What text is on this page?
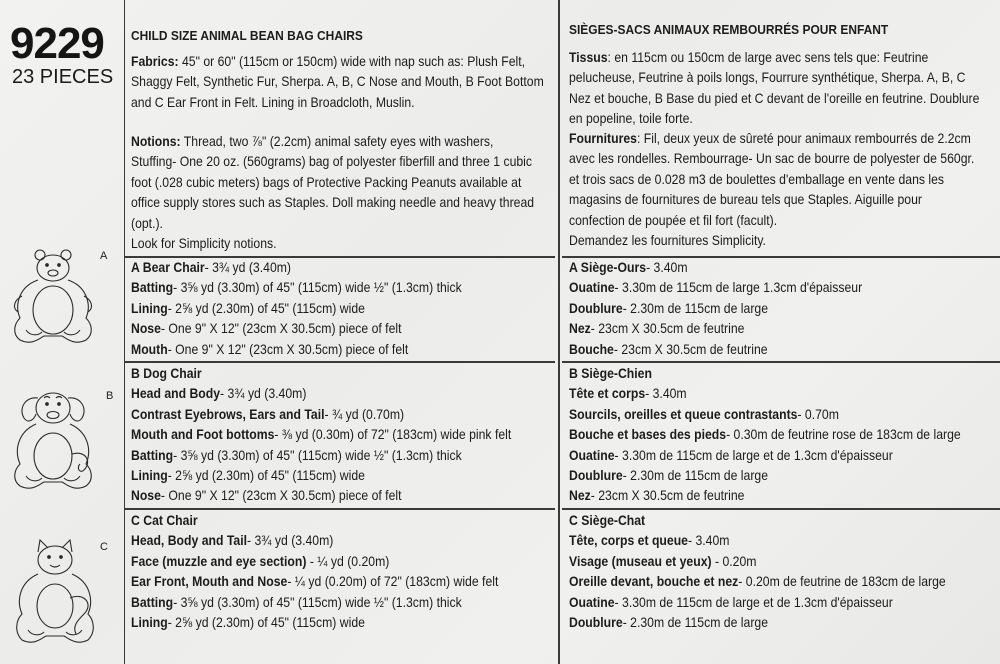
9229
23 PIECES
A
B
C
CHILD SIZE ANIMAL BEAN BAG CHAIRS
Fabrics: 45" or 60" (115cm or 150cm) wide with nap such as: Plush Felt,
Shaggy Felt, Synthetic Fur, Sherpa. A, B, C Nose and Mouth, B Foot Bottom
and C Ear Front in Felt. Lining in Broadcloth, Muslin.
Notions: Thread, two ⅞" (2.2cm) animal safety eyes with washers,
Stuffing- One 20 oz. (560grams) bag of polyester fiberfill and three 1 cubic
foot (.028 cubic meters) bags of Protective Packing Peanuts available at
office supply stores such as Staples. Doll making needle and heavy thread
(opt.).
Look for Simplicity notions.
A Bear Chair- 3¾ yd (3.40m)
Batting- 3⅝ yd (3.30m) of 45" (115cm) wide ½" (1.3cm) thick
Lining- 2⅝ yd (2.30m) of 45" (115cm) wide
Nose- One 9" X 12" (23cm X 30.5cm) piece of felt
Mouth- One 9" X 12" (23cm X 30.5cm) piece of felt
B Dog Chair
Head and Body- 3¾ yd (3.40m)
Contrast Eyebrows, Ears and Tail- ¾ yd (0.70m)
Mouth and Foot bottoms- ⅜ yd (0.30m) of 72" (183cm) wide pink felt
Batting- 3⅝ yd (3.30m) of 45" (115cm) wide ½" (1.3cm) thick
Lining- 2⅝ yd (2.30m) of 45" (115cm) wide
Nose- One 9" X 12" (23cm X 30.5cm) piece of felt
C Cat Chair
Head, Body and Tail- 3¾ yd (3.40m)
Face (muzzle and eye section) - ¼ yd (0.20m)
Ear Front, Mouth and Nose- ¼ yd (0.20m) of 72" (183cm) wide felt
Batting- 3⅝ yd (3.30m) of 45" (115cm) wide ½" (1.3cm) thick
Lining- 2⅝ yd (2.30m) of 45" (115cm) wide
SIÈGES-SACS ANIMAUX REMBOURRÉS POUR ENFANT
Tissus: en 115cm ou 150cm de large avec sens tels que: Feutrine
pelucheuse, Feutrine à poils longs, Fourrure synthétique, Sherpa. A, B, C
Nez et bouche, B Base du pied et C devant de l'oreille en feutrine. Doublure
en popeline, toile forte.
Fournitures: Fil, deux yeux de sûreté pour animaux rembourrés de 2.2cm
avec les rondelles. Rembourrage- Un sac de bourre de polyester de 560gr.
et trois sacs de 0.028 m3 de boulettes d'emballage en vente dans les
magasins de fournitures de bureau tels que Staples. Aiguille pour
confection de poupée et fil fort (facult).
Demandez les fournitures Simplicity.
A Siège-Ours- 3.40m
Ouatine- 3.30m de 115cm de large 1.3cm d'épaisseur
Doublure- 2.30m de 115cm de large
Nez- 23cm X 30.5cm de feutrine
Bouche- 23cm X 30.5cm de feutrine
B Siège-Chien
Tête et corps- 3.40m
Sourcils, oreilles et queue contrastants- 0.70m
Bouche et bases des pieds- 0.30m de feutrine rose de 183cm de large
Ouatine- 3.30m de 115cm de large et de 1.3cm d'épaisseur
Doublure- 2.30m de 115cm de large
Nez- 23cm X 30.5cm de feutrine
C Siège-Chat
Tête, corps et queue- 3.40m
Visage (museau et yeux) - 0.20m
Oreille devant, bouche et nez- 0.20m de feutrine de 183cm de large
Ouatine- 3.30m de 115cm de large et de 1.3cm d'épaisseur
Doublure- 2.30m de 115cm de large
